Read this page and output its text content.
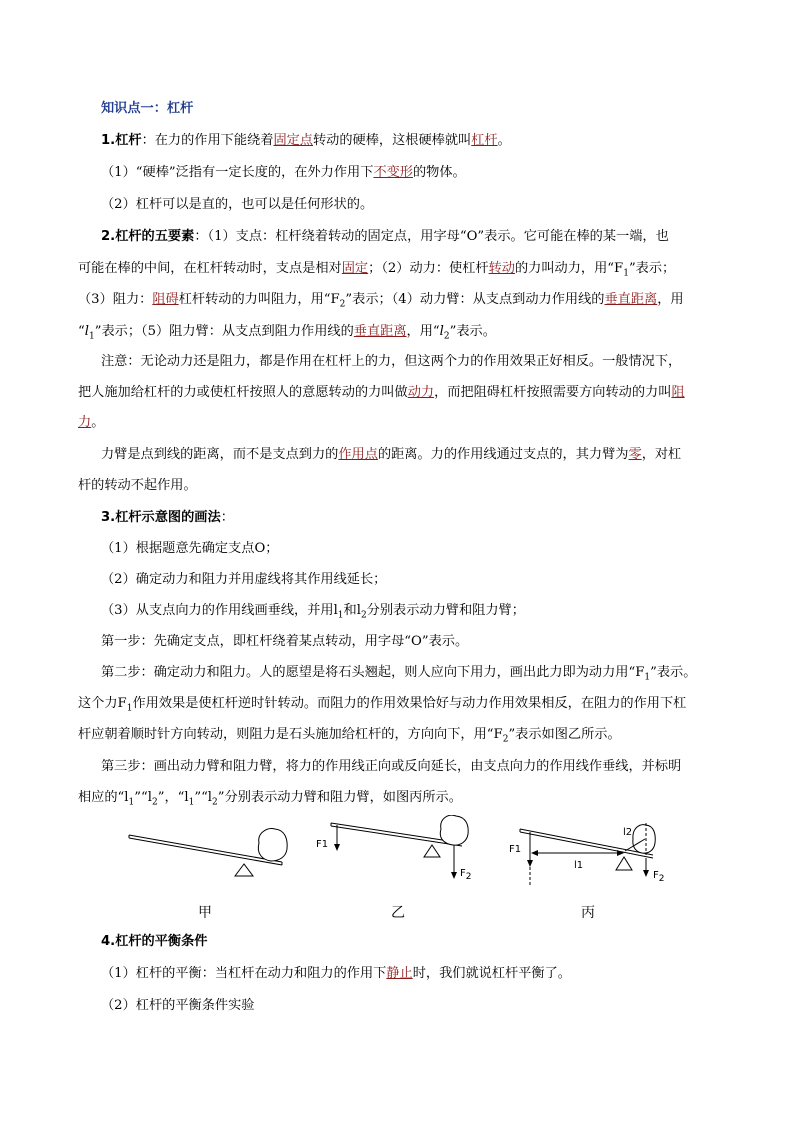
知识点一：杠杆
1.杠杆：在力的作用下能绕着固定点转动的硬棒，这根硬棒就叫杠杆。
（1）“硬棒”泛指有一定长度的，在外力作用下不变形的物体。
（2）杠杆可以是直的，也可以是任何形状的。
2.杠杆的五要素：（1）支点：杠杆绕着转动的固定点，用字母“O”表示。它可能在棒的某一端，也
可能在棒的中间，在杠杆转动时，支点是相对固定；（2）动力：使杠杆转动的力叫动力，用“$F_1$”表示；
（3）阻力：阻碍杠杆转动的力叫阻力，用“$F_2$”表示；（4）动力臂：从支点到动力作用线的垂直距离，用
“$l_1$”表示；（5）阻力臂：从支点到阻力作用线的垂直距离，用“$l_2$”表示。
注意：无论动力还是阻力，都是作用在杠杆上的力，但这两个力的作用效果正好相反。一般情况下，
把人施加给杠杆的力或使杠杆按照人的意愿转动的力叫做动力，而把阻碍杠杆按照需要方向转动的力叫阻
力。
力臂是点到线的距离，而不是支点到力的作用点的距离。力的作用线通过支点的，其力臂为零，对杠
杆的转动不起作用。
3.杠杆示意图的画法：
（1）根据题意先确定支点O；
（2）确定动力和阻力并用虚线将其作用线延长；
（3）从支点向力的作用线画垂线，并用$l_1$和$l_2$分别表示动力臂和阻力臂；
第一步：先确定支点，即杠杆绕着某点转动，用字母“O”表示。
第二步：确定动力和阻力。人的愿望是将石头翘起，则人应向下用力，画出此力即为动力用“$F_1$”表示。
这个力$F_1$作用效果是使杠杆逆时针转动。而阻力的作用效果恰好与动力作用效果相反，在阻力的作用下杠
杆应朝着顺时针方向转动，则阻力是石头施加给杠杆的，方向向下，用“$F_2$”表示如图乙所示。
第三步：画出动力臂和阻力臂，将力的作用线正向或反向延长，由支点向力的作用线作垂线，并标明
相应的“$l_1”“l_2$”，“$l_1”“l_2$”分别表示动力臂和阻力臂，如图丙所示。
甲
F1
$F_2$
乙
F1
l1
l2
$F_2$
丙
4.杠杆的平衡条件
（1）杠杆的平衡：当杠杆在动力和阻力的作用下静止时，我们就说杠杆平衡了。
（2）杠杆的平衡条件实验
